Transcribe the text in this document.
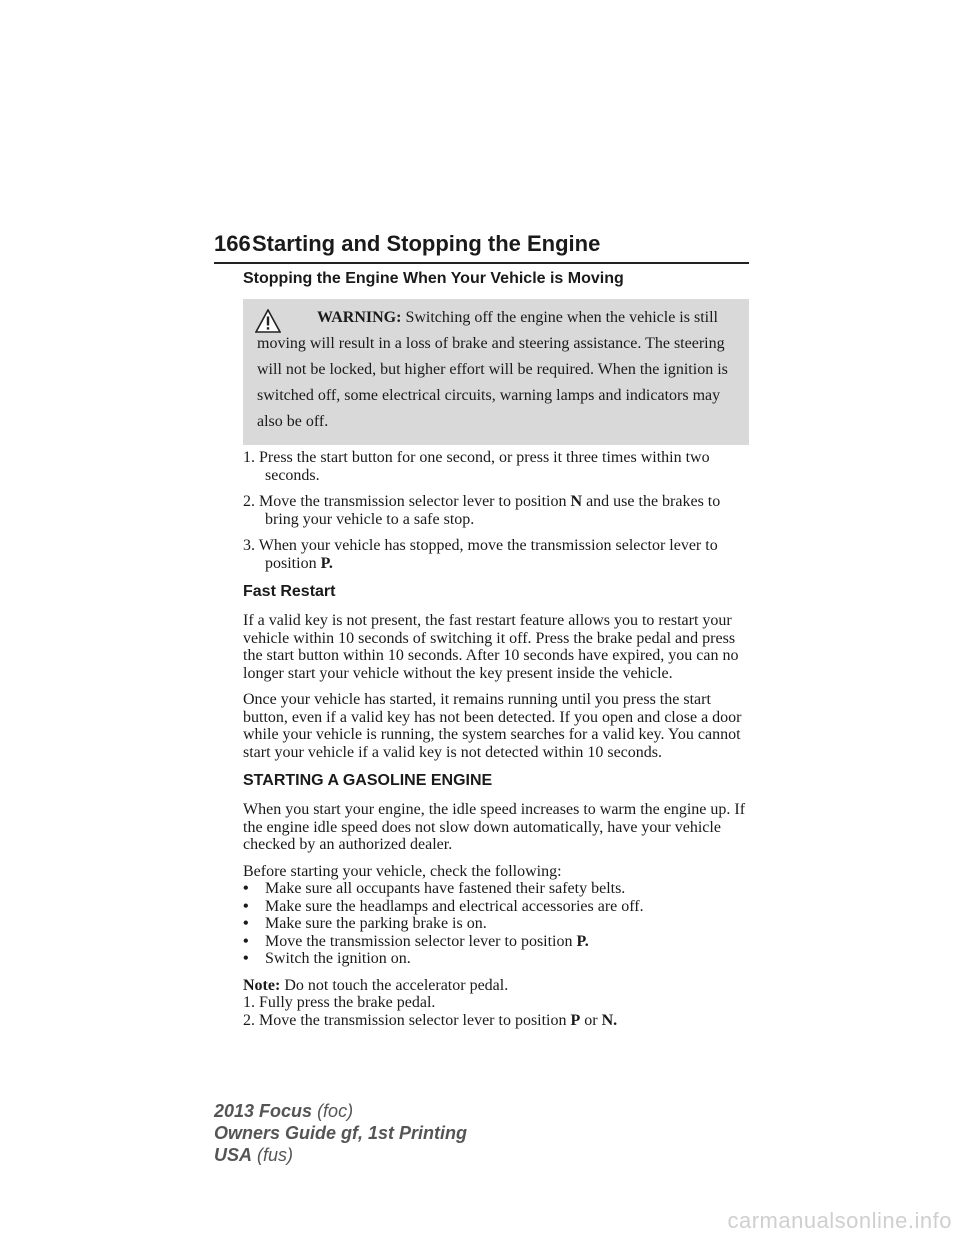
166 Starting and Stopping the Engine
Stopping the Engine When Your Vehicle is Moving
WARNING: Switching off the engine when the vehicle is still
moving will result in a loss of brake and steering assistance. The steering will not be locked, but higher effort will be required. When the ignition is switched off, some electrical circuits, warning lamps and indicators may also be off.
1. Press the start button for one second, or press it three times within two seconds.
2. Move the transmission selector lever to position N and use the brakes to bring your vehicle to a safe stop.
3. When your vehicle has stopped, move the transmission selector lever to position P.
Fast Restart

If a valid key is not present, the fast restart feature allows you to restart your vehicle within 10 seconds of switching it off. Press the brake pedal and press the start button within 10 seconds. After 10 seconds have expired, you can no longer start your vehicle without the key present inside the vehicle.

Once your vehicle has started, it remains running until you press the start button, even if a valid key has not been detected. If you open and close a door while your vehicle is running, the system searches for a valid key. You cannot start your vehicle if a valid key is not detected within 10 seconds.

STARTING A GASOLINE ENGINE

When you start your engine, the idle speed increases to warm the engine up. If the engine idle speed does not slow down automatically, have your vehicle checked by an authorized dealer.

Before starting your vehicle, check the following:

• Make sure all occupants have fastened their safety belts.
• Make sure the headlamps and electrical accessories are off.
• Make sure the parking brake is on.
• Move the transmission selector lever to position P.
• Switch the ignition on.

Note: Do not touch the accelerator pedal.

1. Fully press the brake pedal.
2. Move the transmission selector lever to position P or N.
2013 Focus (foc)
Owners Guide gf, 1st Printing
USA (fus)
carmanualsonline.info
